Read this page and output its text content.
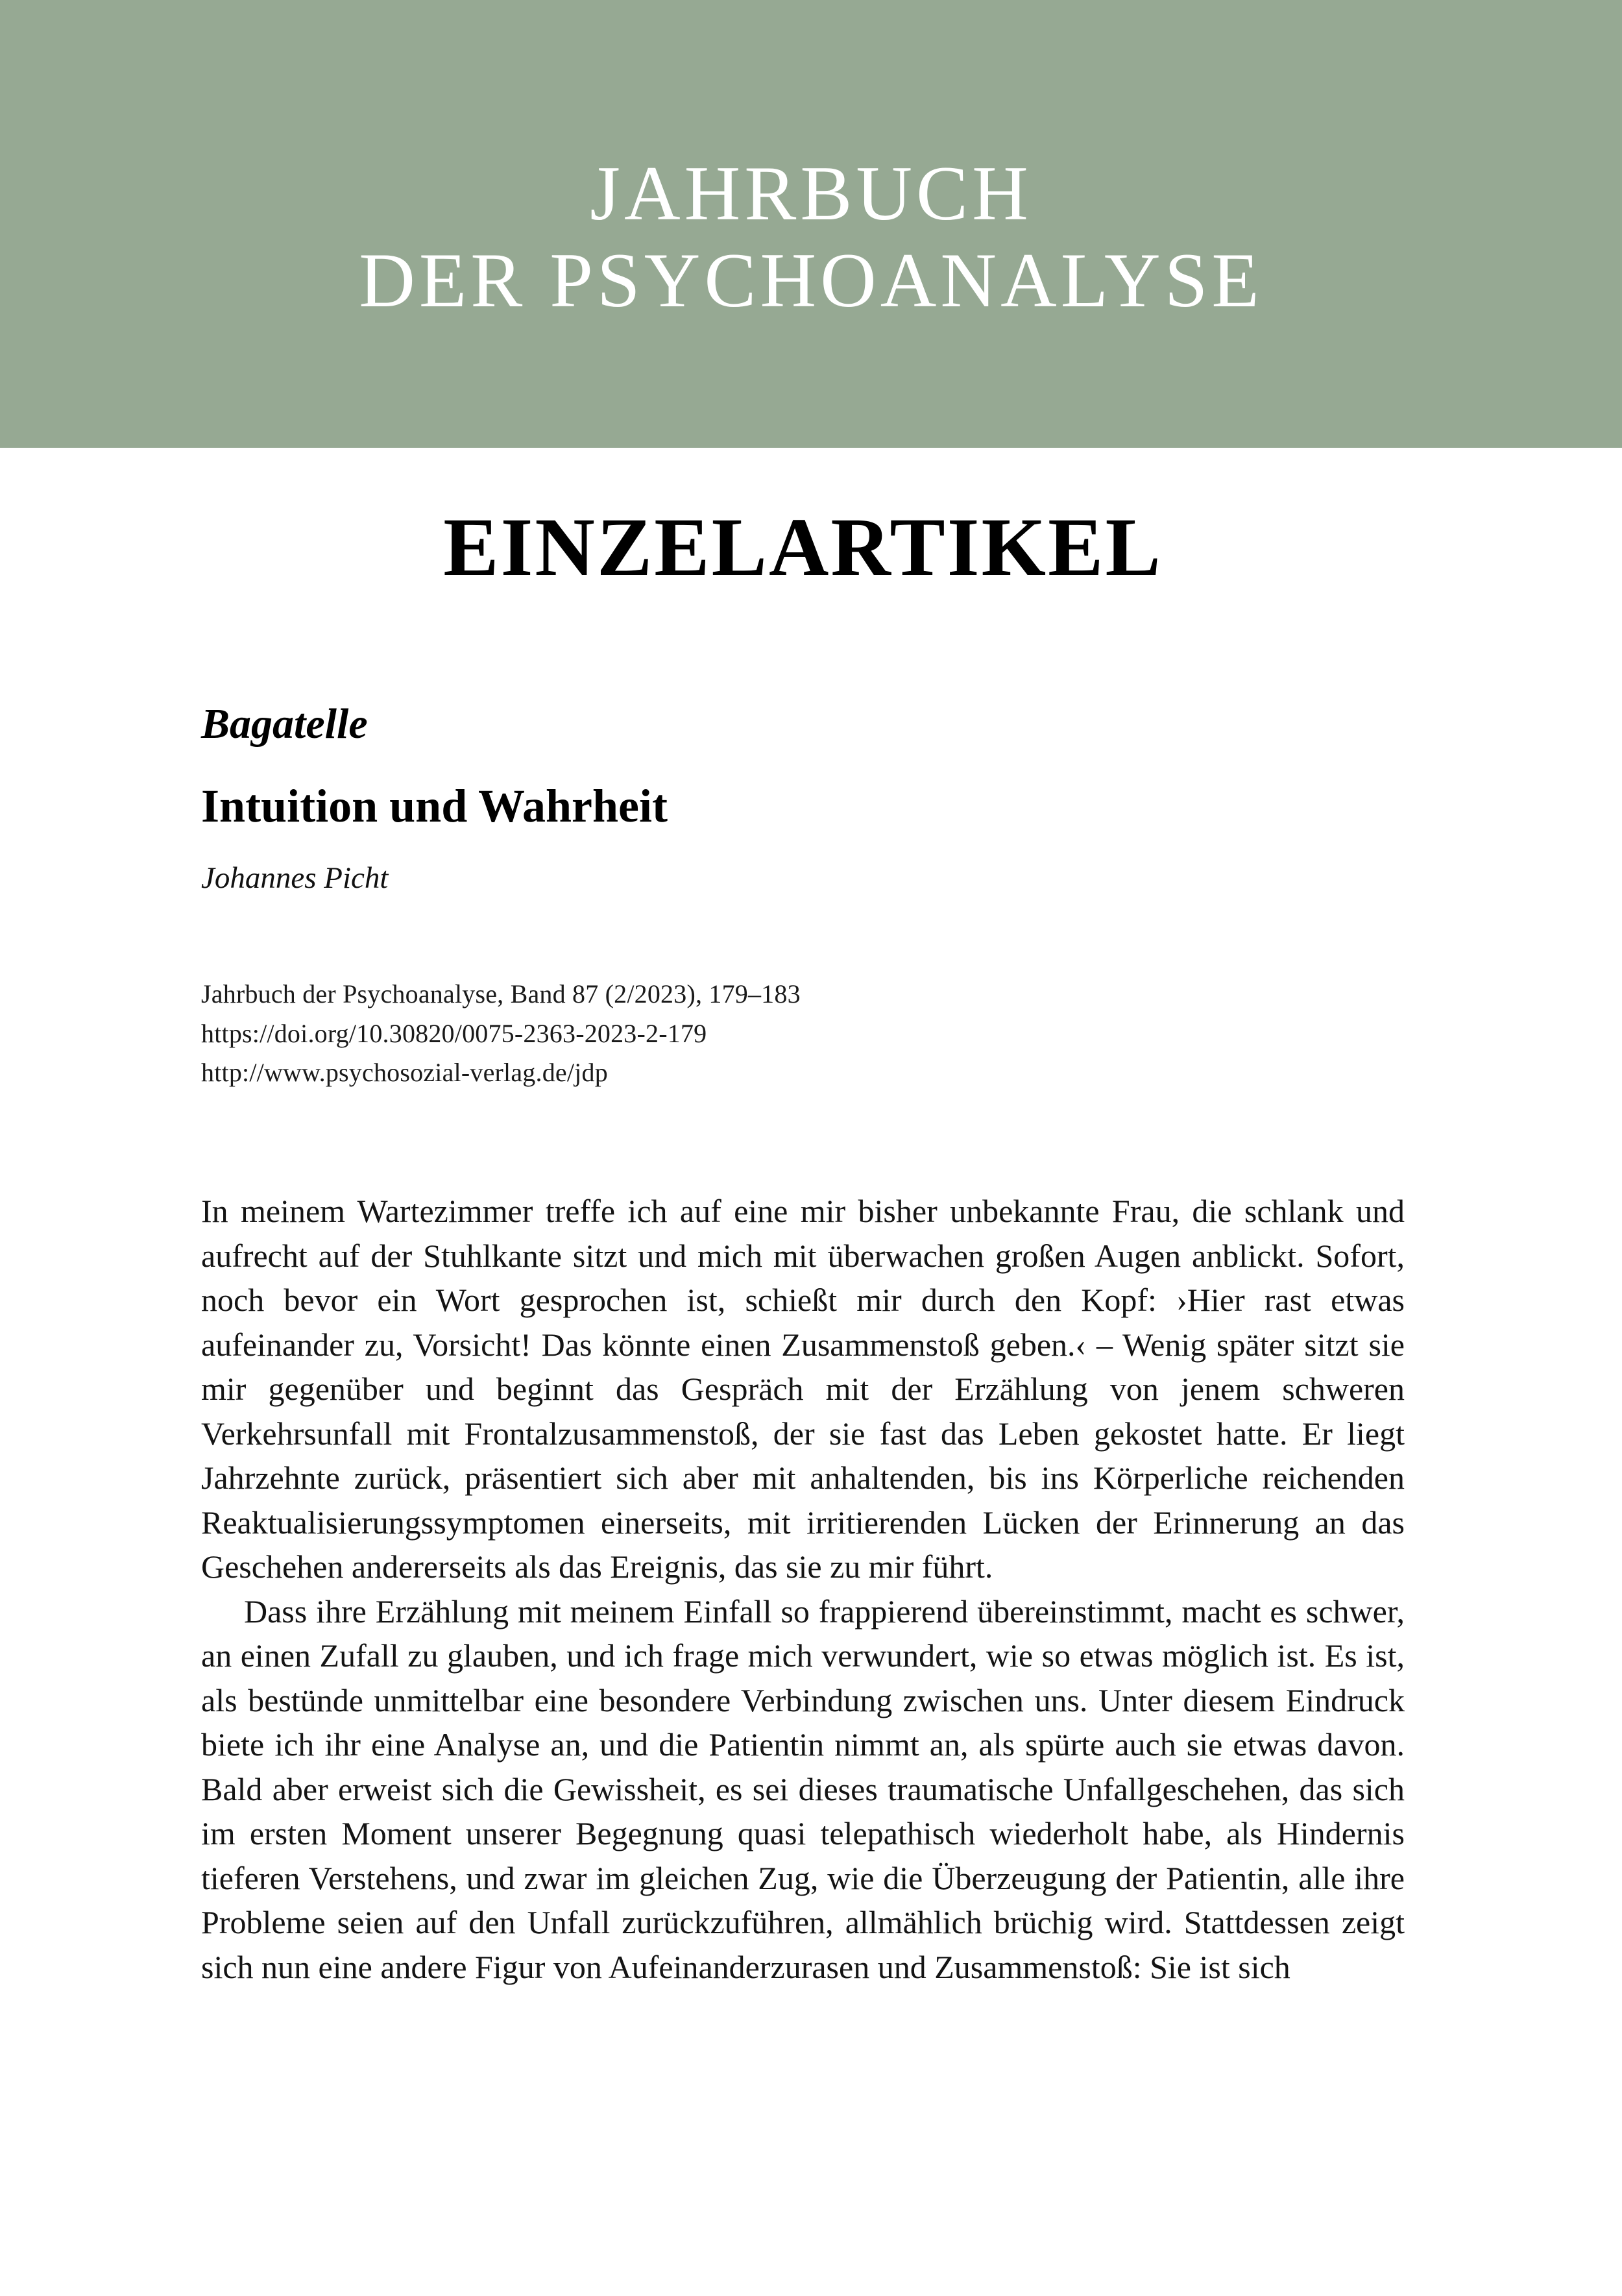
JAHRBUCH
DER PSYCHOANALYSE
EINZELARTIKEL
Bagatelle
Intuition und Wahrheit
Johannes Picht
Jahrbuch der Psychoanalyse, Band 87 (2/2023), 179–183
https://doi.org/10.30820/0075-2363-2023-2-179
http://www.psychosozial-verlag.de/jdp

In meinem Wartezimmer treffe ich auf eine mir bisher unbekannte Frau, die schlank und aufrecht auf der Stuhlkante sitzt und mich mit überwachen großen Augen anblickt. Sofort, noch bevor ein Wort gesprochen ist, schießt mir durch den Kopf: ›Hier rast etwas aufeinander zu, Vorsicht! Das könnte einen Zusammenstoß geben.‹ – Wenig später sitzt sie mir gegenüber und beginnt das Gespräch mit der Erzählung von jenem schweren Verkehrsunfall mit Frontalzusammenstoß, der sie fast das Leben gekostet hatte. Er liegt Jahrzehnte zurück, präsentiert sich aber mit anhaltenden, bis ins Körperliche reichenden Reaktualisierungssymptomen einerseits, mit irritierenden Lücken der Erinnerung an das Geschehen andererseits als das Ereignis, das sie zu mir führt.

Dass ihre Erzählung mit meinem Einfall so frappierend übereinstimmt, macht es schwer, an einen Zufall zu glauben, und ich frage mich verwundert, wie so etwas möglich ist. Es ist, als bestünde unmittelbar eine besondere Verbindung zwischen uns. Unter diesem Eindruck biete ich ihr eine Analyse an, und die Patientin nimmt an, als spürte auch sie etwas davon. Bald aber erweist sich die Gewissheit, es sei dieses traumatische Unfallgeschehen, das sich im ersten Moment unserer Begegnung quasi telepathisch wiederholt habe, als Hindernis tieferen Verstehens, und zwar im gleichen Zug, wie die Überzeugung der Patientin, alle ihre Probleme seien auf den Unfall zurückzuführen, allmählich brüchig wird. Stattdessen zeigt sich nun eine andere Figur von Aufeinanderzurasen und Zusammenstoß: Sie ist sich
